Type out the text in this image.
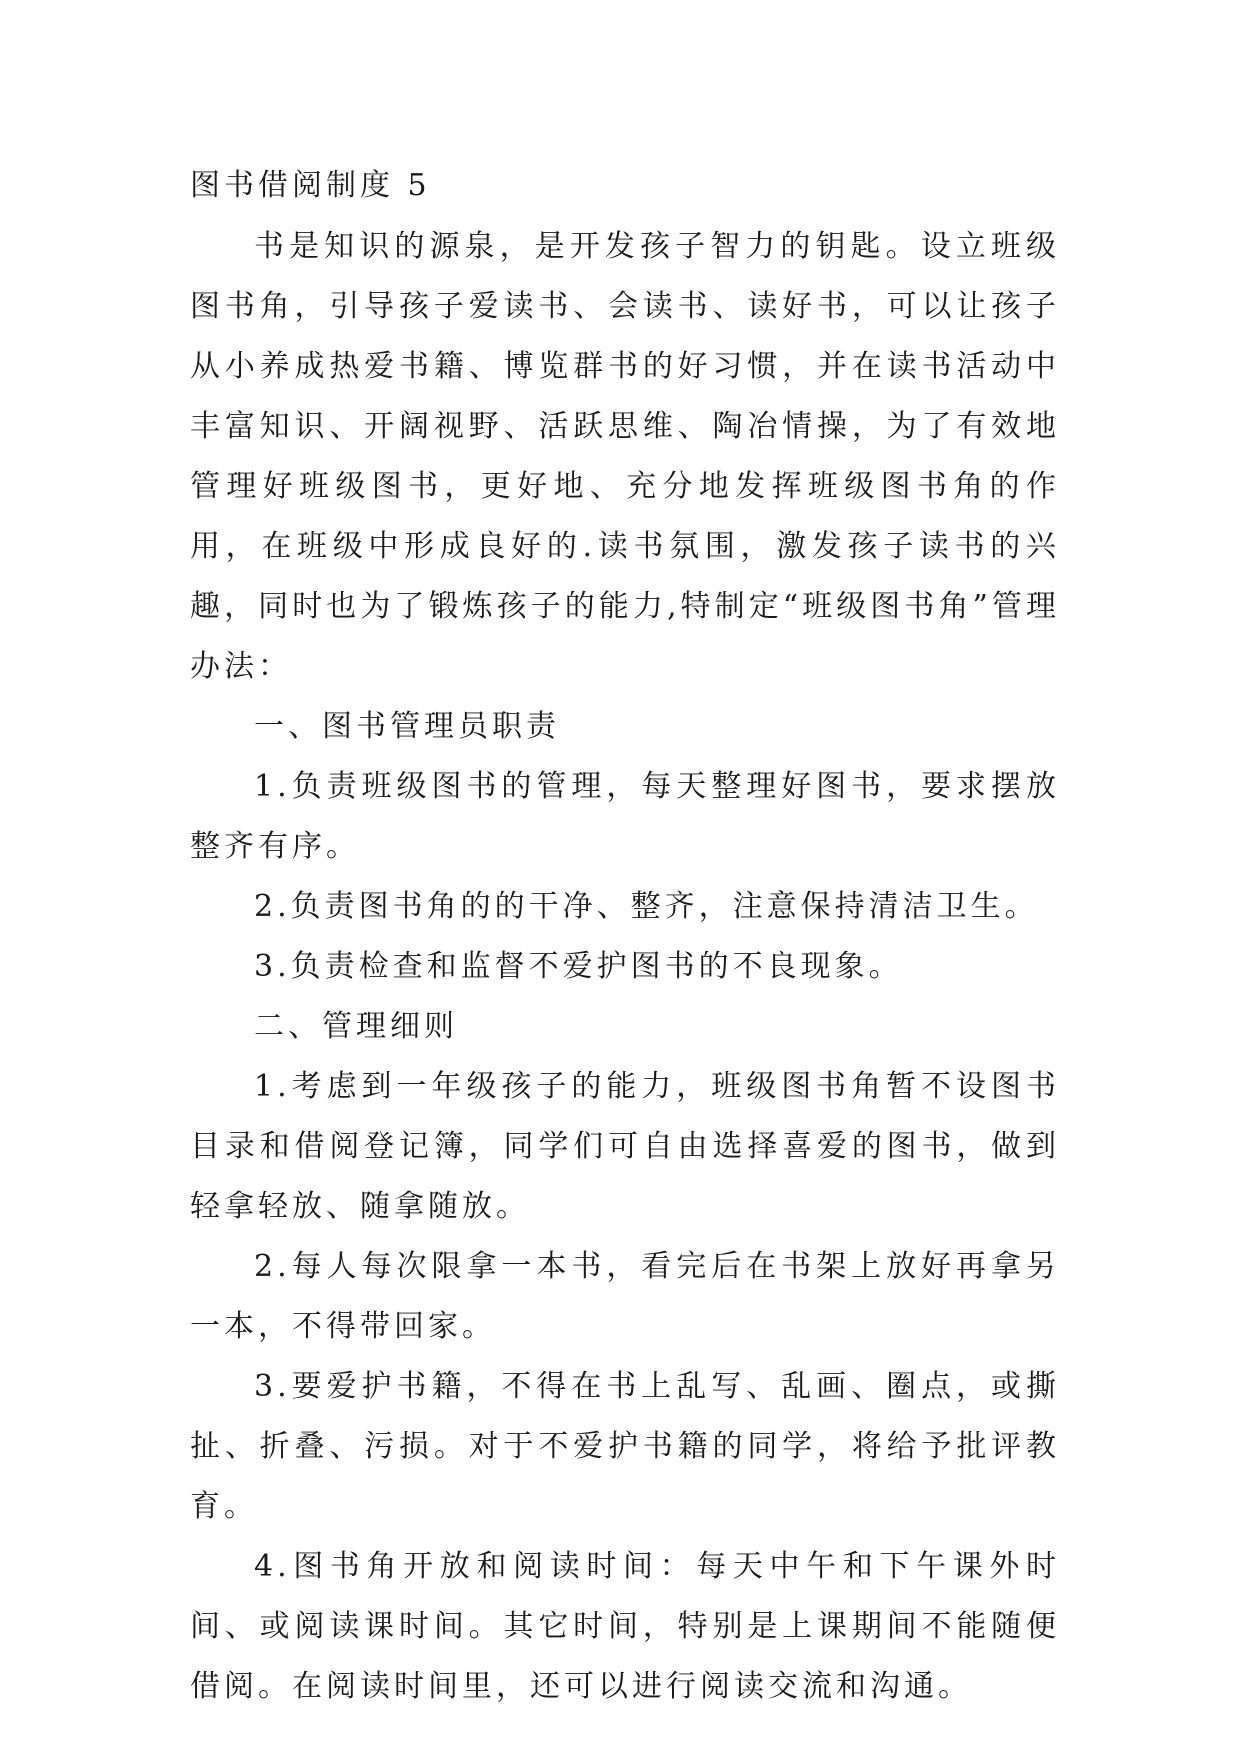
图书借阅制度 5

书是知识的源泉，是开发孩子智力的钥匙。设立班级图书角，引导孩子爱读书、会读书、读好书，可以让孩子从小养成热爱书籍、博览群书的好习惯，并在读书活动中丰富知识、开阔视野、活跃思维、陶冶情操，为了有效地管理好班级图书，更好地、充分地发挥班级图书角的作用，在班级中形成良好的.读书氛围，激发孩子读书的兴趣，同时也为了锻炼孩子的能力,特制定“班级图书角”管理办法：

一、图书管理员职责

1.负责班级图书的管理，每天整理好图书，要求摆放整齐有序。

2.负责图书角的的干净、整齐，注意保持清洁卫生。

3.负责检查和监督不爱护图书的不良现象。

二、管理细则

1.考虑到一年级孩子的能力，班级图书角暂不设图书目录和借阅登记簿，同学们可自由选择喜爱的图书，做到轻拿轻放、随拿随放。

2.每人每次限拿一本书，看完后在书架上放好再拿另一本，不得带回家。

3.要爱护书籍，不得在书上乱写、乱画、圈点，或撕扯、折叠、污损。对于不爱护书籍的同学，将给予批评教育。

4.图书角开放和阅读时间：每天中午和下午课外时间、或阅读课时间。其它时间，特别是上课期间不能随便借阅。在阅读时间里，还可以进行阅读交流和沟通。
